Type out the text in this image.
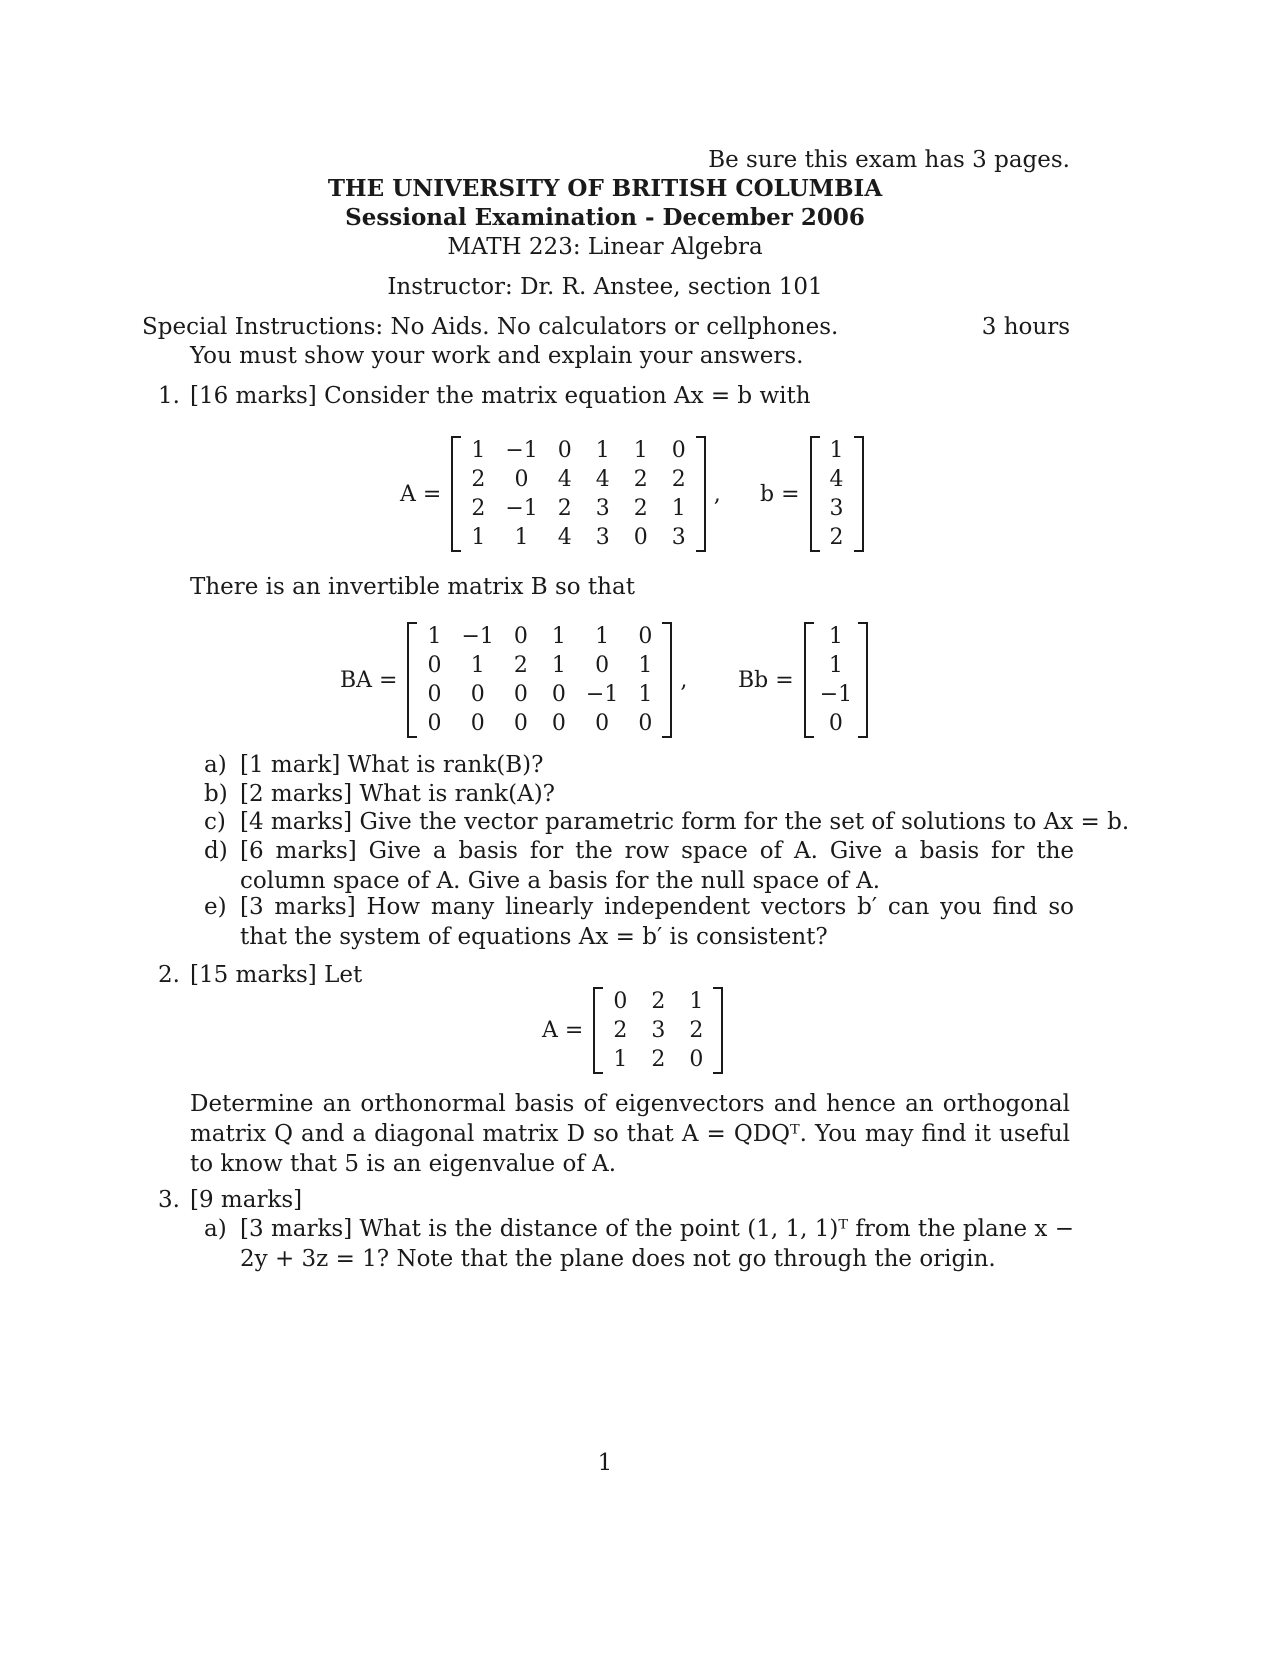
Be sure this exam has 3 pages.
THE UNIVERSITY OF BRITISH COLUMBIA
Sessional Examination - December 2006
MATH 223: Linear Algebra
Instructor: Dr. R. Anstee, section 101
Special Instructions: No Aids. No calculators or cellphones.	3 hours
You must show your work and explain your answers.
1. [16 marks] Consider the matrix equation Ax = b with
A =
1	−1	0	1	1	0
2	0	4	4	2	2
2	−1	2	3	2	1
1	1	4	3	0	3
, b =
1
4
3
2
There is an invertible matrix B so that
BA =
1	−1	0	1	1	0
0	1	2	1	0	1
0	0	0	0	−1	1
0	0	0	0	0	0
, Bb =
1
1
−1
0
a) [1 mark] What is rank(B)?
b) [2 marks] What is rank(A)?
c) [4 marks] Give the vector parametric form for the set of solutions to Ax = b.
d) [6 marks] Give a basis for the row space of A. Give a basis for the column space of A. Give a basis for the null space of A.
e) [3 marks] How many linearly independent vectors b′ can you find so that the system of equations Ax = b′ is consistent?
2. [15 marks] Let
A =
0	2	1
2	3	2
1	2	0
Determine an orthonormal basis of eigenvectors and hence an orthogonal matrix Q and a diagonal matrix D so that A = QDQᵀ. You may find it useful to know that 5 is an eigenvalue of A.
3. [9 marks]
a) [3 marks] What is the distance of the point (1, 1, 1)ᵀ from the plane x − 2y + 3z = 1? Note that the plane does not go through the origin.
1
